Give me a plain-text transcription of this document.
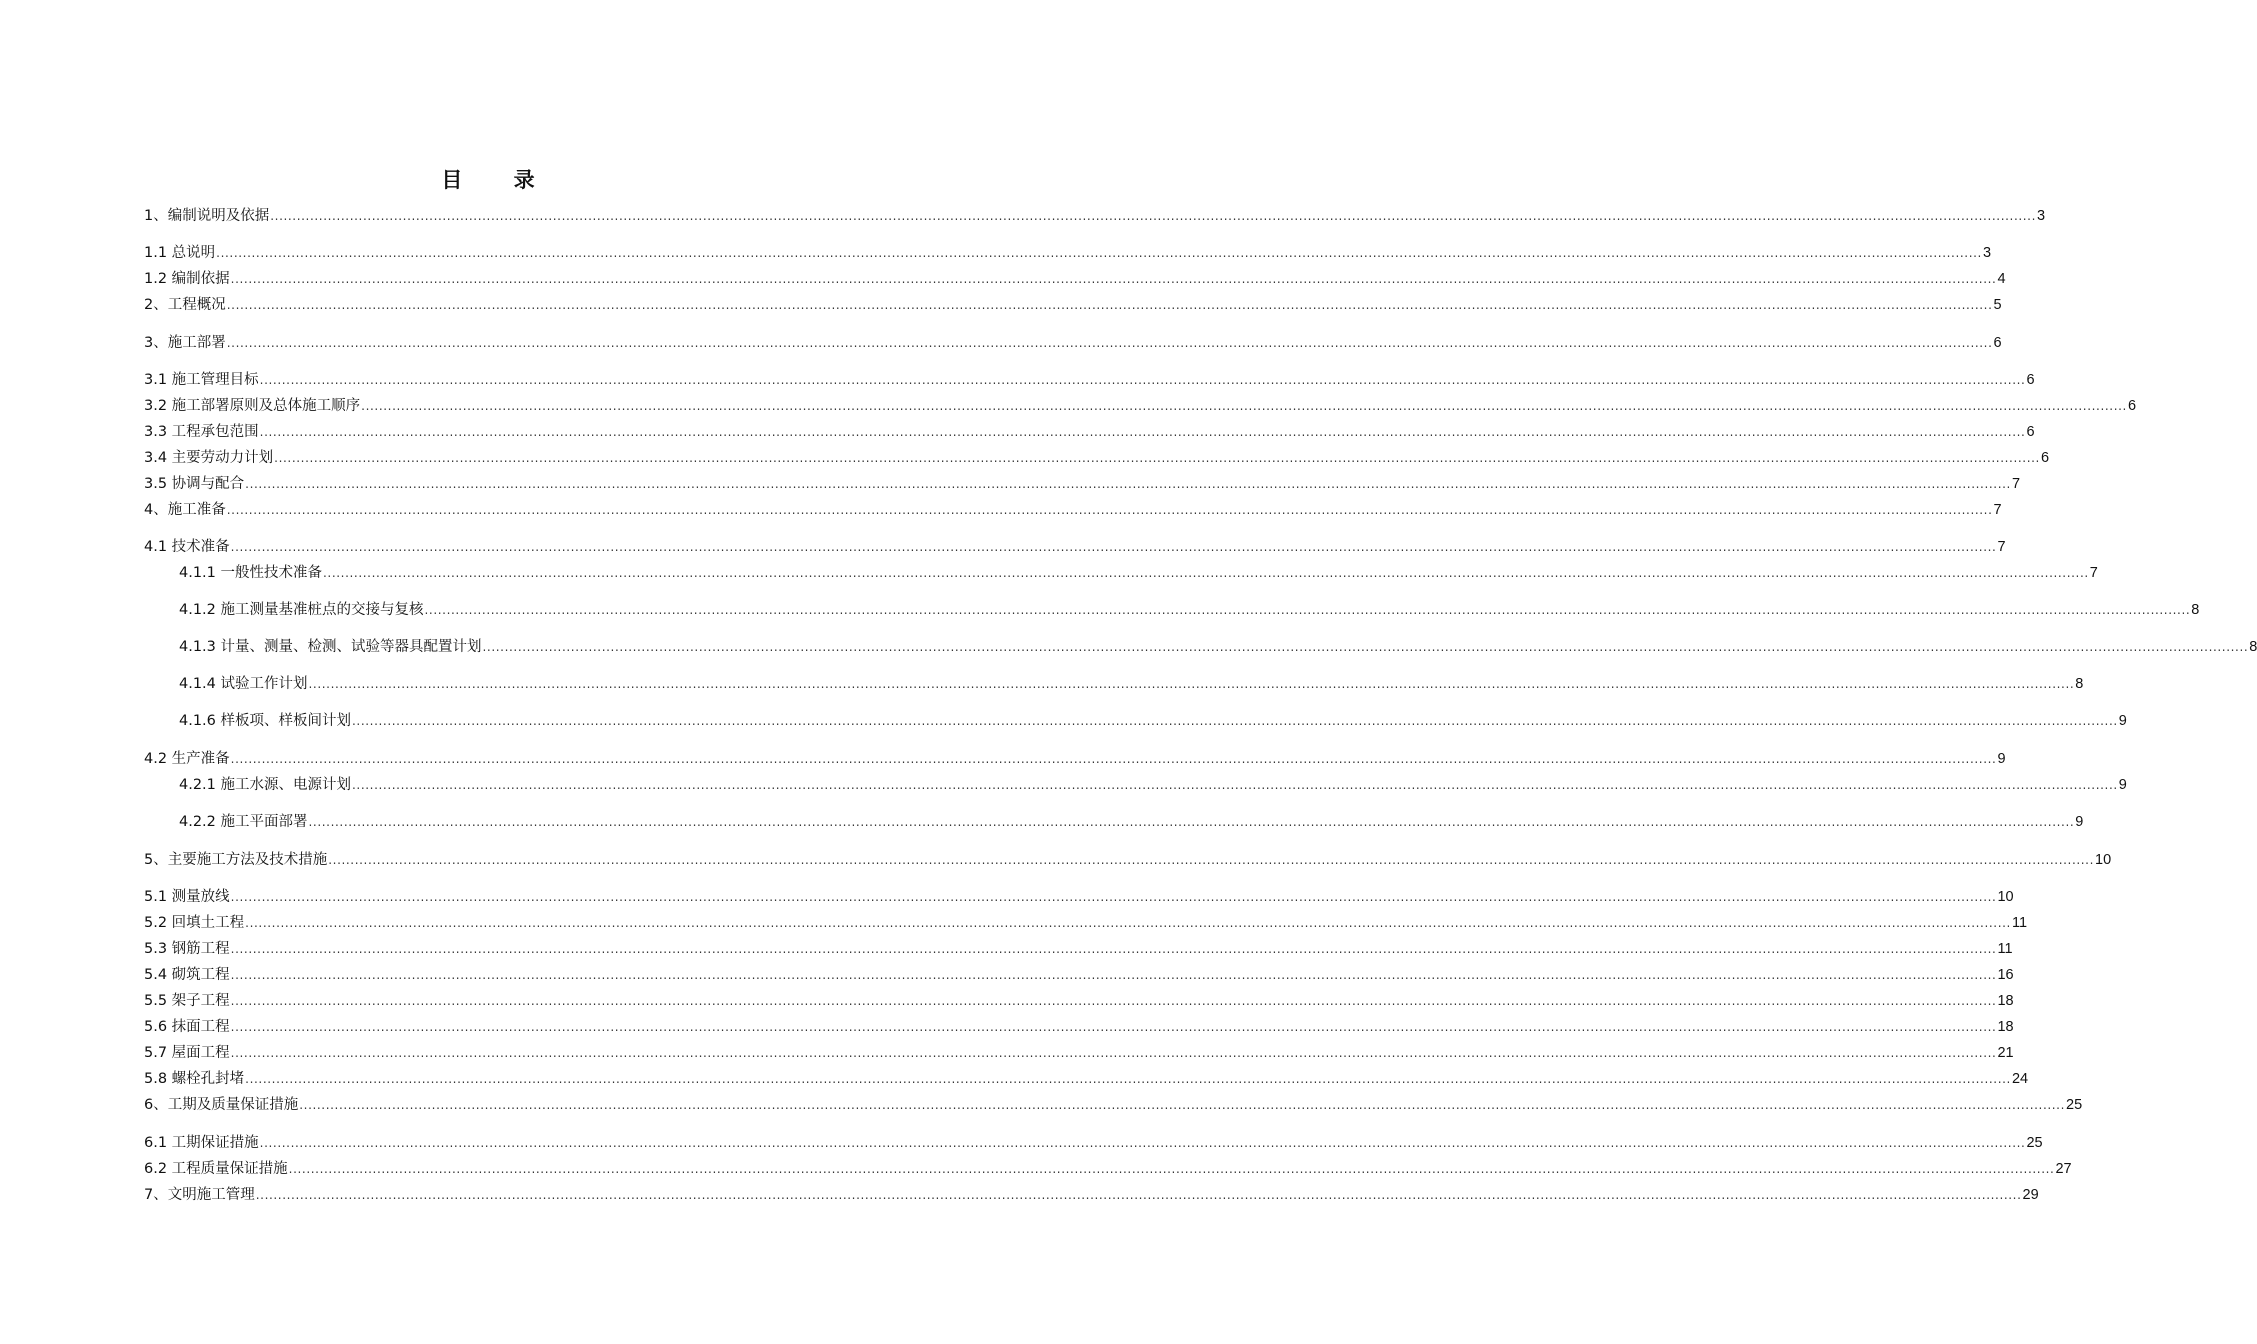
目 录
1、编制说明及依据 ................................................................................................................................................................................................................................................................................................................................................................................................................ 3
1.1 总说明 ................................................................................................................................................................................................................................................................................................................................................................................................................ 3
1.2 编制依据 ................................................................................................................................................................................................................................................................................................................................................................................................................ 4
2、工程概况 ................................................................................................................................................................................................................................................................................................................................................................................................................ 5
3、施工部署 ................................................................................................................................................................................................................................................................................................................................................................................................................ 6
3.1 施工管理目标 ................................................................................................................................................................................................................................................................................................................................................................................................................ 6
3.2 施工部署原则及总体施工顺序 ................................................................................................................................................................................................................................................................................................................................................................................................................ 6
3.3 工程承包范围 ................................................................................................................................................................................................................................................................................................................................................................................................................ 6
3.4 主要劳动力计划 ................................................................................................................................................................................................................................................................................................................................................................................................................ 6
3.5 协调与配合 ................................................................................................................................................................................................................................................................................................................................................................................................................ 7
4、施工准备 ................................................................................................................................................................................................................................................................................................................................................................................................................ 7
4.1 技术准备 ................................................................................................................................................................................................................................................................................................................................................................................................................ 7
4.1.1 一般性技术准备 ................................................................................................................................................................................................................................................................................................................................................................................................................ 7
4.1.2 施工测量基准桩点的交接与复核 ................................................................................................................................................................................................................................................................................................................................................................................................................ 8
4.1.3 计量、测量、检测、试验等器具配置计划 ................................................................................................................................................................................................................................................................................................................................................................................................................ 8
4.1.4 试验工作计划 ................................................................................................................................................................................................................................................................................................................................................................................................................ 8
4.1.6 样板项、样板间计划 ................................................................................................................................................................................................................................................................................................................................................................................................................ 9
4.2 生产准备 ................................................................................................................................................................................................................................................................................................................................................................................................................ 9
4.2.1 施工水源、电源计划 ................................................................................................................................................................................................................................................................................................................................................................................................................ 9
4.2.2 施工平面部署 ................................................................................................................................................................................................................................................................................................................................................................................................................ 9
5、主要施工方法及技术措施 ................................................................................................................................................................................................................................................................................................................................................................................................................ 10
5.1 测量放线 ................................................................................................................................................................................................................................................................................................................................................................................................................ 10
5.2 回填土工程 ................................................................................................................................................................................................................................................................................................................................................................................................................ 11
5.3 钢筋工程 ................................................................................................................................................................................................................................................................................................................................................................................................................ 11
5.4 砌筑工程 ................................................................................................................................................................................................................................................................................................................................................................................................................ 16
5.5 架子工程 ................................................................................................................................................................................................................................................................................................................................................................................................................ 18
5.6 抹面工程 ................................................................................................................................................................................................................................................................................................................................................................................................................ 18
5.7 屋面工程 ................................................................................................................................................................................................................................................................................................................................................................................................................ 21
5.8 螺栓孔封堵 ................................................................................................................................................................................................................................................................................................................................................................................................................ 24
6、工期及质量保证措施 ................................................................................................................................................................................................................................................................................................................................................................................................................ 25
6.1 工期保证措施 ................................................................................................................................................................................................................................................................................................................................................................................................................ 25
6.2 工程质量保证措施 ................................................................................................................................................................................................................................................................................................................................................................................................................ 27
7、文明施工管理 ................................................................................................................................................................................................................................................................................................................................................................................................................ 29
